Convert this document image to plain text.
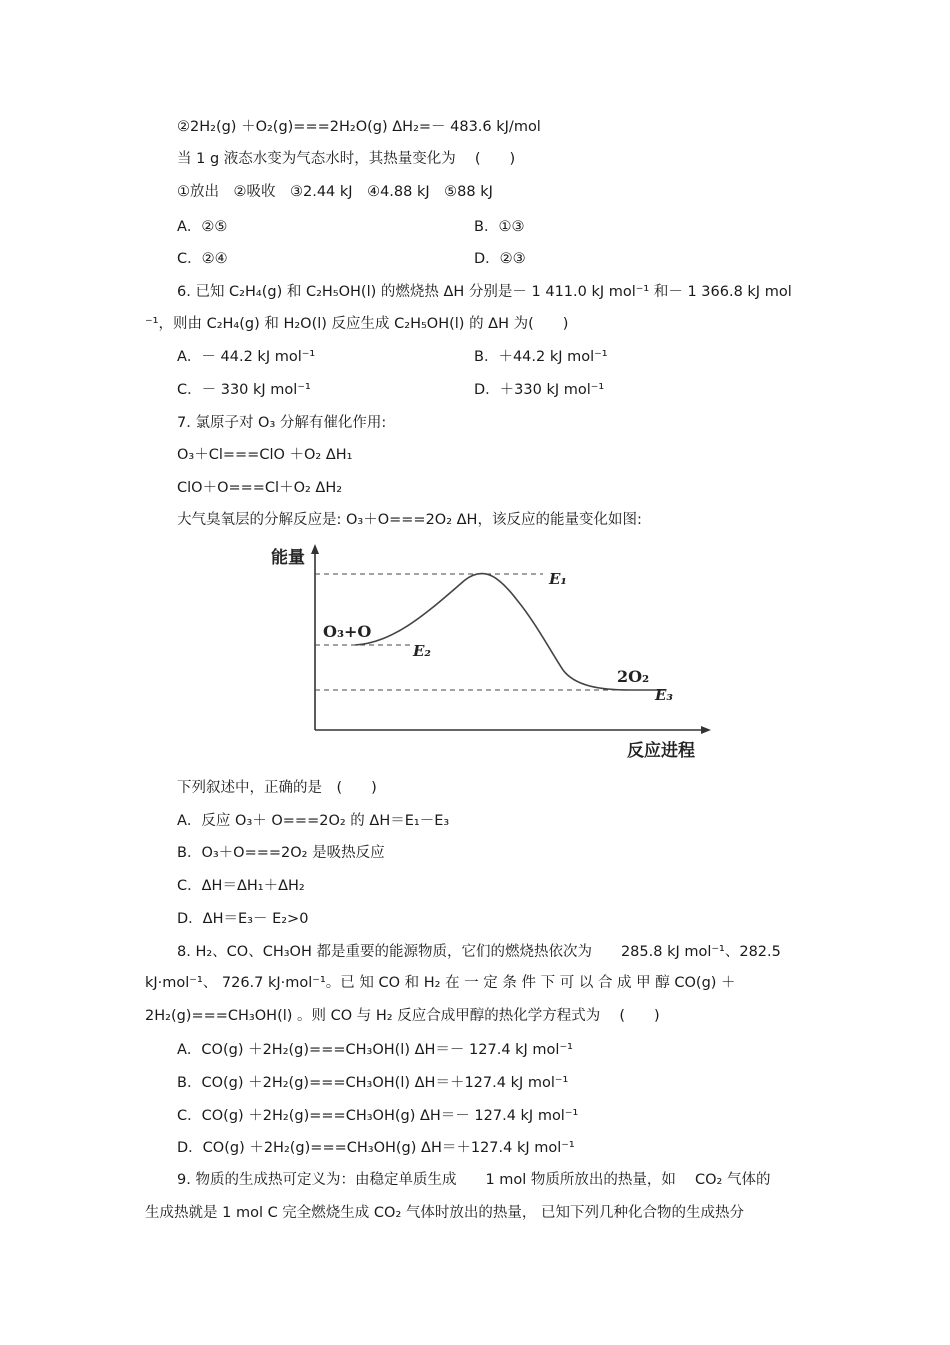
②2H₂(g) ＋O₂(g)===2H₂O(g) ΔH₂=－ 483.6 kJ/mol
当 1 g 液态水变为气态水时，其热量变化为　 (　　)
①放出　②吸收　③2.44 kJ　④4.88 kJ　⑤88 kJ
A．②⑤	B．①③
C．②④	D．②③
6. 已知 C₂H₄(g) 和 C₂H₅OH(l) 的燃烧热 ΔH 分别是－ 1 411.0 kJ mol⁻¹ 和－ 1 366.8 kJ mol
⁻¹，则由 C₂H₄(g) 和 H₂O(l) 反应生成 C₂H₅OH(l) 的 ΔH 为(　　)
A．－ 44.2 kJ mol⁻¹	B．＋44.2 kJ mol⁻¹
C．－ 330 kJ mol⁻¹	D．＋330 kJ mol⁻¹
7. 氯原子对 O₃ 分解有催化作用:
O₃＋Cl===ClO ＋O₂ ΔH₁
ClO＋O===Cl＋O₂ ΔH₂
大气臭氧层的分解反应是: O₃＋O===2O₂ ΔH，该反应的能量变化如图:
能量
反应进程
O₃+O
2O₂
E₁
E₂
E₃
下列叙述中，正确的是　(　　)
A．反应 O₃＋ O===2O₂ 的 ΔH＝E₁－E₃
B．O₃＋O===2O₂ 是吸热反应
C．ΔH＝ΔH₁＋ΔH₂
D．ΔH＝E₃－ E₂>0
8. H₂、CO、CH₃OH 都是重要的能源物质，它们的燃烧热依次为　　285.8 kJ mol⁻¹、282.5
kJ·mol⁻¹、 726.7 kJ·mol⁻¹。已 知 CO 和 H₂ 在 一 定 条 件 下 可 以 合 成 甲 醇 CO(g) ＋
2H₂(g)===CH₃OH(l) 。则 CO 与 H₂ 反应合成甲醇的热化学方程式为　 (　　)
A．CO(g) ＋2H₂(g)===CH₃OH(l) ΔH＝－ 127.4 kJ mol⁻¹
B．CO(g) ＋2H₂(g)===CH₃OH(l) ΔH＝＋127.4 kJ mol⁻¹
C．CO(g) ＋2H₂(g)===CH₃OH(g) ΔH＝－ 127.4 kJ mol⁻¹
D．CO(g) ＋2H₂(g)===CH₃OH(g) ΔH＝＋127.4 kJ mol⁻¹
9. 物质的生成热可定义为：由稳定单质生成　　1 mol 物质所放出的热量，如　 CO₂ 气体的
生成热就是 1 mol C 完全燃烧生成 CO₂ 气体时放出的热量， 已知下列几种化合物的生成热分
